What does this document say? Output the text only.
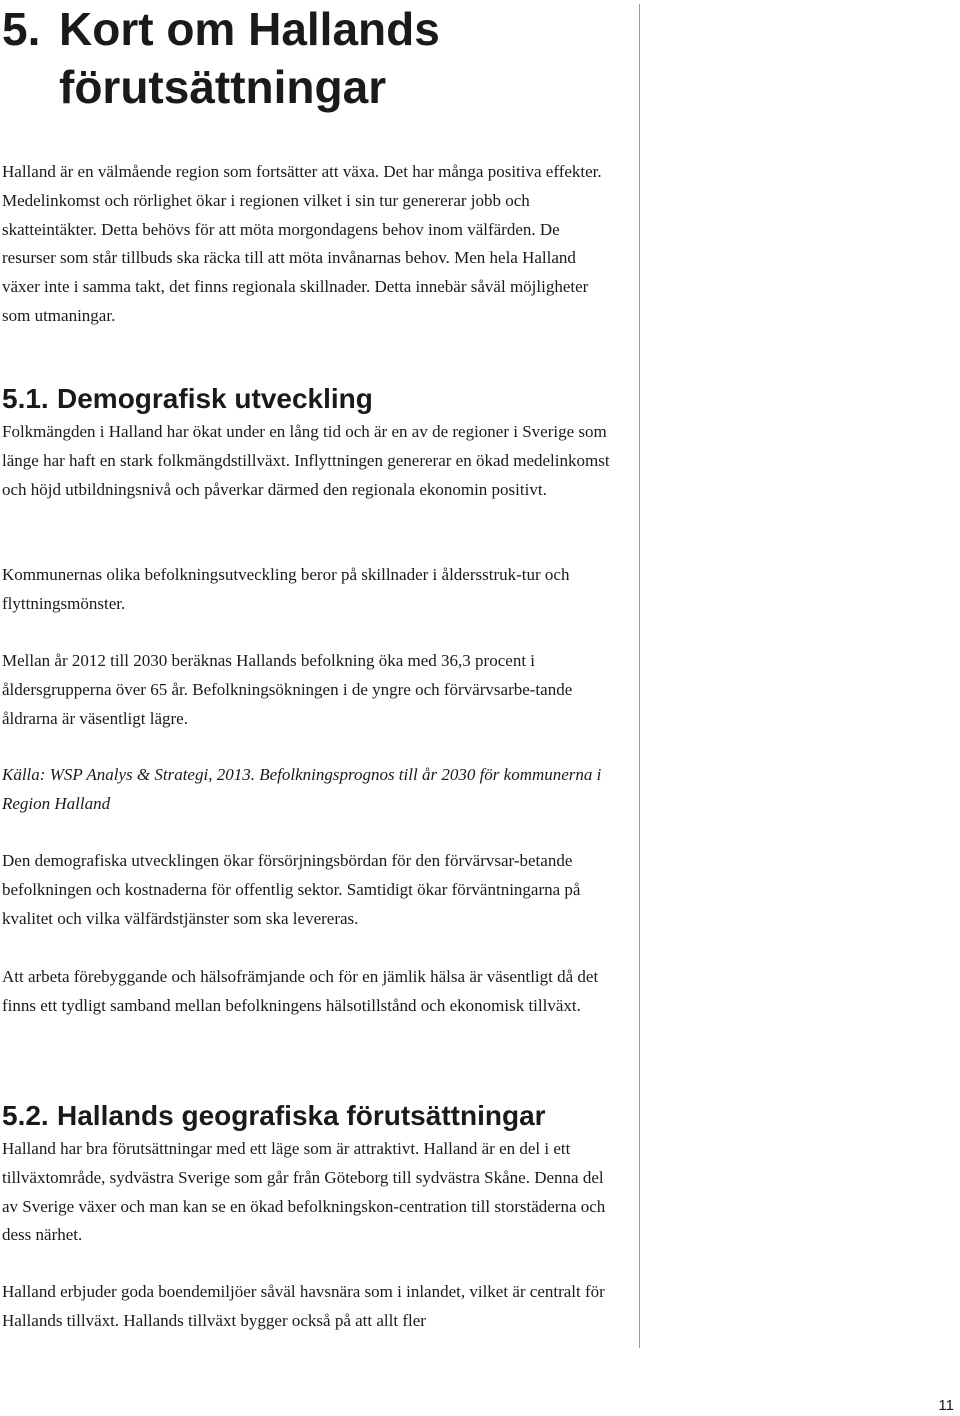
5. Kort om Hallands förutsättningar

Halland är en välmående region som fortsätter att växa. Det har många positiva effekter. Medelinkomst och rörlighet ökar i regionen vilket i sin tur genererar jobb och skatteintäkter. Detta behövs för att möta morgondagens behov inom välfärden. De resurser som står tillbuds ska räcka till att möta invånarnas behov. Men hela Halland växer inte i samma takt, det finns regionala skillnader. Detta innebär såväl möjligheter som utmaningar.

5.1. Demografisk utveckling

Folkmängden i Halland har ökat under en lång tid och är en av de regioner i Sverige som länge har haft en stark folkmängdstillväxt. Inflyttningen genererar en ökad medelinkomst och höjd utbildningsnivå och påverkar därmed den regionala ekonomin positivt.

Kommunernas olika befolkningsutveckling beror på skillnader i åldersstruk-tur och flyttningsmönster.

Mellan år 2012 till 2030 beräknas Hallands befolkning öka med 36,3 procent i åldersgrupperna över 65 år. Befolkningsökningen i de yngre och förvärvsarbe-tande åldrarna är väsentligt lägre.

Källa: WSP Analys & Strategi, 2013. Befolkningsprognos till år 2030 för kommunerna i Region Halland

Den demografiska utvecklingen ökar försörjningsbördan för den förvärvsar-betande befolkningen och kostnaderna för offentlig sektor. Samtidigt ökar förväntningarna på kvalitet och vilka välfärdstjänster som ska levereras.

Att arbeta förebyggande och hälsofrämjande och för en jämlik hälsa är väsentligt då det finns ett tydligt samband mellan befolkningens hälsotillstånd och ekonomisk tillväxt.

5.2. Hallands geografiska förutsättningar

Halland har bra förutsättningar med ett läge som är attraktivt. Halland är en del i ett tillväxtområde, sydvästra Sverige som går från Göteborg till sydvästra Skåne. Denna del av Sverige växer och man kan se en ökad befolkningskon-centration till storstäderna och dess närhet.

Halland erbjuder goda boendemiljöer såväl havsnära som i inlandet, vilket är centralt för Hallands tillväxt. Hallands tillväxt bygger också på att allt fler

11
